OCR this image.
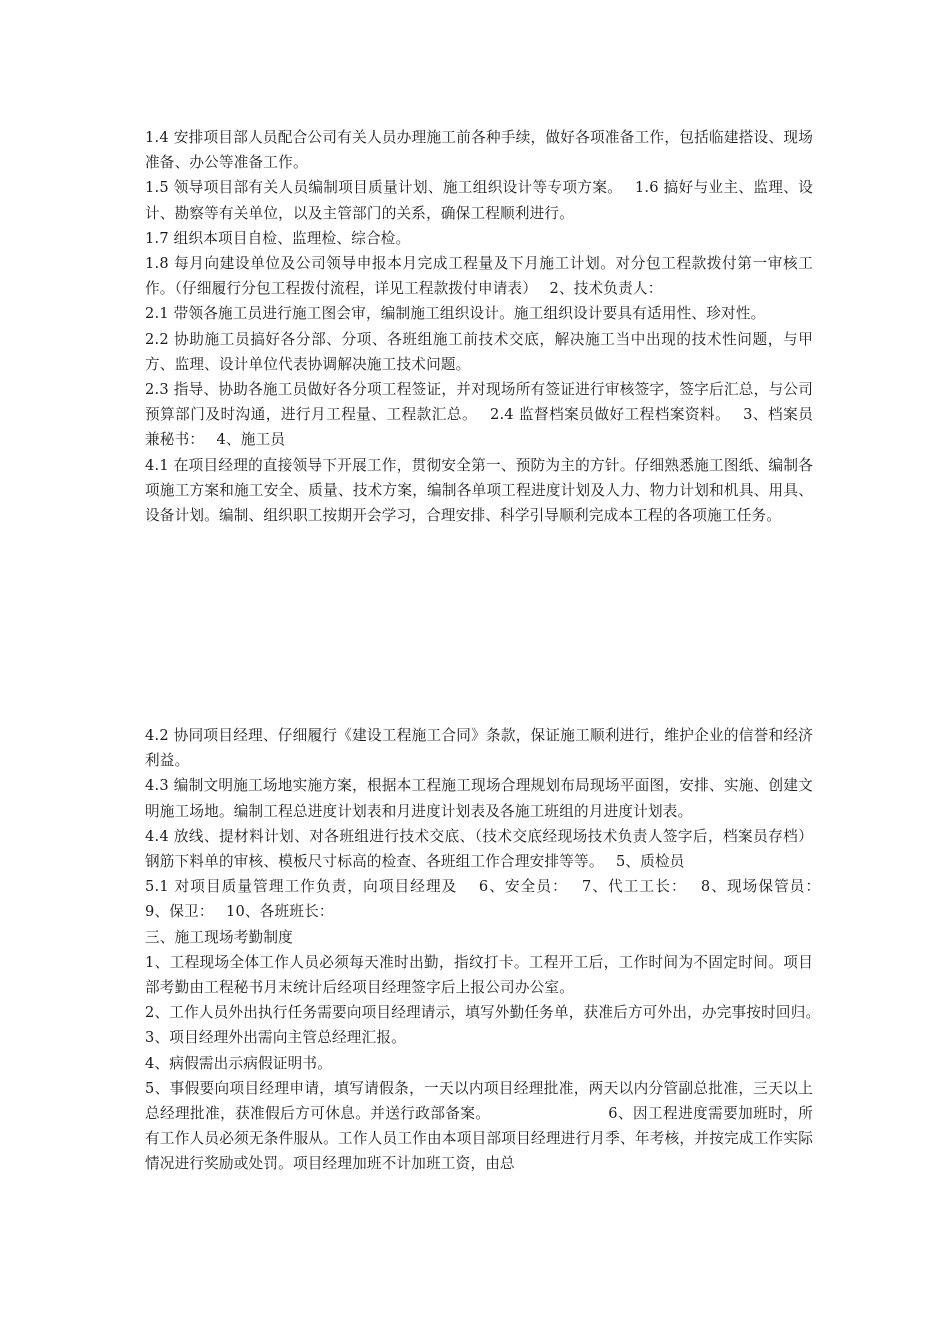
1.4 安排项目部人员配合公司有关人员办理施工前各种手续，做好各项准备工作，包括临建搭设、现场准备、办公等准备工作。

1.5 领导项目部有关人员编制项目质量计划、施工组织设计等专项方案。　 1.6 搞好与业主、监理、设计、勘察等有关单位，以及主管部门的关系，确保工程顺利进行。

1.7 组织本项目自检、监理检、综合检。

1.8 每月向建设单位及公司领导申报本月完成工程量及下月施工计划。对分包工程款拨付第一审核工作。（仔细履行分包工程拨付流程，详见工程款拨付申请表）　 2、技术负责人：

2.1 带领各施工员进行施工图会审，编制施工组织设计。施工组织设计要具有适用性、珍对性。

2.2 协助施工员搞好各分部、分项、各班组施工前技术交底，解决施工当中出现的技术性问题，与甲方、监理、设计单位代表协调解决施工技术问题。

2.3 指导、协助各施工员做好各分项工程签证，并对现场所有签证进行审核签字，签字后汇总，与公司预算部门及时沟通，进行月工程量、工程款汇总。　 2.4 监督档案员做好工程档案资料。　 3、档案员兼秘书：　 4、施工员

4.1 在项目经理的直接领导下开展工作，贯彻安全第一、预防为主的方针。仔细熟悉施工图纸、编制各项施工方案和施工安全、质量、技术方案，编制各单项工程进度计划及人力、物力计划和机具、用具、设备计划。编制、组织职工按期开会学习，合理安排、科学引导顺利完成本工程的各项施工任务。

4.2 协同项目经理、仔细履行《建设工程施工合同》条款，保证施工顺利进行，维护企业的信誉和经济利益。

4.3 编制文明施工场地实施方案，根据本工程施工现场合理规划布局现场平面图，安排、实施、创建文明施工场地。编制工程总进度计划表和月进度计划表及各施工班组的月进度计划表。

4.4 放线、提材料计划、对各班组进行技术交底、（技术交底经现场技术负责人签字后，档案员存档）钢筋下料单的审核、模板尺寸标高的检查、各班组工作合理安排等等。　 5、质检员

5.1 对项目质量管理工作负责，向项目经理及　 6、安全员：　 7、代工工长：　 8、现场保管员：　 9、保卫：　 10、各班班长：

三、施工现场考勤制度

1、工程现场全体工作人员必须每天准时出勤，指纹打卡。工程开工后，工作时间为不固定时间。项目部考勤由工程秘书月末统计后经项目经理签字后上报公司办公室。

2、工作人员外出执行任务需要向项目经理请示，填写外勤任务单，获准后方可外出，办完事按时回归。　　　　　　　　 3、项目经理外出需向主管总经理汇报。

4、病假需出示病假证明书。

5、事假要向项目经理申请，填写请假条，一天以内项目经理批准，两天以内分管副总批准，三天以上总经理批准，获准假后方可休息。并送行政部备案。　　　　　　　　 6、因工程进度需要加班时，所有工作人员必须无条件服从。工作人员工作由本项目部项目经理进行月季、年考核，并按完成工作实际情况进行奖励或处罚。项目经理加班不计加班工资，由总
